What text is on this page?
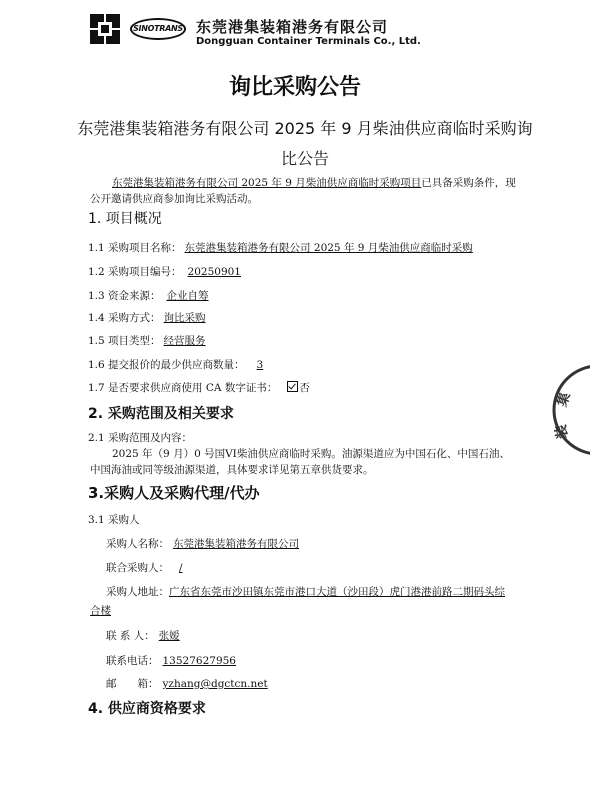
SINOTRANS 东莞港集装箱港务有限公司
Dongguan Container Terminals Co., Ltd.
询比采购公告
东莞港集装箱港务有限公司 2025 年 9 月柴油供应商临时采购询比公告
东莞港集装箱港务有限公司 2025 年 9 月柴油供应商临时采购项目已具备采购条件，现公开邀请供应商参加询比采购活动。
1. 项目概况
1.1 采购项目名称： 东莞港集装箱港务有限公司 2025 年 9 月柴油供应商临时采购
1.2 采购项目编号： 20250901
1.3 资金来源： 企业自筹
1.4 采购方式： 询比采购
1.5 项目类型： 经营服务
1.6 提交报价的最少供应商数量： 3
1.7 是否要求供应商使用 CA 数字证书： 否
2. 采购范围及相关要求
2.1 采购范围及内容：
2025 年（9 月）0 号国VI柴油供应商临时采购。油源渠道应为中国石化、中国石油、中国海油或同等级油源渠道，具体要求详见第五章供货要求。
3.采购人及采购代理/代办
3.1 采购人
采购人名称： 东莞港集装箱港务有限公司
联合采购人： /
采购人地址：广东省东莞市沙田镇东莞市港口大道（沙田段）虎门港港前路二期码头综
合楼
联 系 人： 张嫒
联系电话： 13527627956
邮　　箱： yzhang@dgctcn.net
4. 供应商资格要求
集
装
